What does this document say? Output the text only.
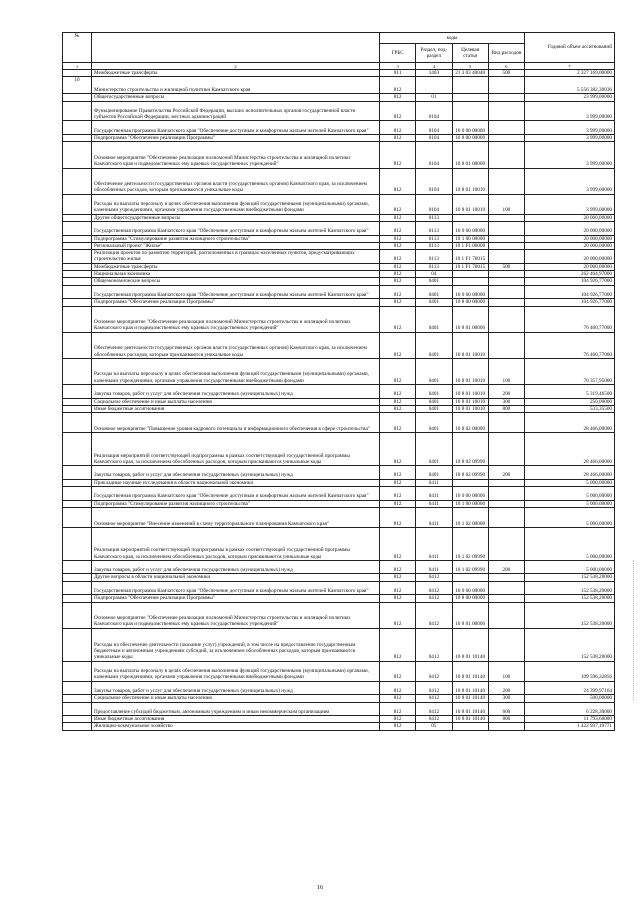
№		коды				Годовой объем ассигнований
		ГРБС	Раздел, под-раздел	Целевая статья	Вид расходов	
1	2	3	4	5	6	7
	Межбюджетные трансферты	811	1403	21 3 03 40040	500	2 327 169,00000
10	Министерство строительства и жилищной политики Камчатского края	812				5 556 382,30036
	Общегосударственные вопросы	812	01			23 999,00000
	Функционирование Правительства Российской Федерации, высших исполнительных органов государственной власти субъектов Российской Федерации, местных администраций	812	0104			3 999,00000
	Государственная программа Камчатского края "Обеспечение доступным и комфортным жильем жителей Камчатского края"	812	0104	10 0 00 00000		3 999,00000
	Подпрограмма "Обеспечение реализации Программы"	812	0104	10 8 00 00000		3 999,00000
	Основное мероприятие "Обеспечение реализации полномочий Министерства строительства и жилищной политики Камчатского края и подведомственных ему краевых государственных учреждений"	812	0104	10 8 01 00000		3 999,00000
	Обеспечение деятельности государственных органов власти (государственных органов) Камчатского края, за исключением обособленных расходов, которым присваиваются уникальные коды	812	0104	10 8 01 10010		3 999,00000
	Расходы на выплаты персоналу в целях обеспечения выполнения функций государственными (муниципальными) органами, казенными учреждениями, органами управления государственными внебюджетными фондами	812	0104	10 8 01 10010	100	3 999,00000
	Другие общегосударственные вопросы	812	0113			20 000,00000
	Государственная программа Камчатского края "Обеспечение доступным и комфортным жильем жителей Камчатского края"	812	0113	10 0 00 00000		20 000,00000
	Подпрограмма "Стимулирование развития жилищного строительства"	812	0113	10 1 00 00000		20 000,00000
	Региональный проект "Жилье"	812	0113	10 1 F1 00000		20 000,00000
	Реализация проектов по развитию территорий, расположенных в границах населенных пунктов, предусматривающих строительство жилья	812	0113	10 1 F1 70015		20 000,00000
	Межбюджетные трансферты	812	0113	10 1 F1 70015	500	20 000,00000
	Национальная экономика	812	04			262 464,97000
	Общеэкономические вопросы	812	0401			104 926,77000
	Государственная программа Камчатского края "Обеспечение доступным и комфортным жильем жителей Камчатского края"	812	0401	10 0 00 00000		104 926,77000
	Подпрограмма "Обеспечение реализации Программы"	812	0401	10 8 00 00000		104 926,77000
	Основное мероприятие "Обеспечение реализации полномочий Министерства строительства и жилищной политики Камчатского края и подведомственных ему краевых государственных учреждений"	812	0401	10 8 01 00000		76 460,77000
	Обеспечение деятельности государственных органов власти (государственных органов) Камчатского края, за исключением обособленных расходов, которым присваиваются уникальные коды	812	0401	10 8 01 10010		76 460,77000
	Расходы на выплаты персоналу в целях обеспечения выполнения функций государственными (муниципальными) органами, казенными учреждениями, органами управления государственными внебюджетными фондами	812	0401	10 8 01 10010	100	70 357,95000
	Закупка товаров, работ и услуг для обеспечения государственных (муниципальных) нужд	812	0401	10 8 01 10010	200	5 319,46500
	Социальное обеспечение и иные выплаты населению	812	0401	10 8 01 10010	300	250,00000
	Иные бюджетные ассигнования	812	0401	10 8 01 10010	800	533,35500
	Основное мероприятие "Повышение уровня кадрового потенциала и информационного обеспечения в сфере строительства"	812	0401	10 8 02 00000		28 466,00000
	Реализация мероприятий соответствующей подпрограммы в рамках соответствующей государственной программы Камчатского края, за исключением обособленных расходов, которым присваиваются уникальные коды	812	0401	10 8 02 09990		28 466,00000
	Закупка товаров, работ и услуг для обеспечения государственных (муниципальных) нужд	812	0401	10 8 02 09990	200	28 466,00000
	Прикладные научные исследования в области национальной экономики	812	0411			5 000,00000
	Государственная программа Камчатского края "Обеспечение доступным и комфортным жильем жителей Камчатского края"	812	0411	10 0 00 00000		5 000,00000
	Подпрограмма "Стимулирование развития жилищного строительства"	812	0411	10 1 00 00000		5 000,00000
	Основное мероприятие "Внесение изменений в схему территориального планирования Камчатского края"	812	0411	10 1 02 00000		5 000,00000
	Реализация мероприятий соответствующей подпрограммы в рамках соответствующей государственной программы Камчатского края, за исключением обособленных расходов, которым присваиваются уникальные коды	812	0411	10 1 02 09990		5 000,00000
	Закупка товаров, работ и услуг для обеспечения государственных (муниципальных) нужд	812	0411	10 1 02 09990	200	5 000,00000
	Другие вопросы в области национальной экономики	812	0412			152 538,20000
	Государственная программа Камчатского края "Обеспечение доступным и комфортным жильем жителей Камчатского края"	812	0412	10 0 00 00000		152 538,20000
	Подпрограмма "Обеспечение реализации Программы"	812	0412	10 8 00 00000		152 538,20000
	Основное мероприятие "Обеспечение реализации полномочий Министерства строительства и жилищной политики Камчатского края и подведомственных ему краевых государственных учреждений"	812	0412	10 8 01 00000		152 538,20000
	Расходы на обеспечение деятельности (оказание услуг) учреждений, в том числе на предоставление государственным бюджетным и автономным учреждениям субсидий, за исключением обособленных расходов, которым присваиваются уникальные коды	812	0412	10 8 01 10140		152 538,20000
	Расходы на выплаты персоналу в целях обеспечения выполнения функций государственными (муниципальными) органами, казенными учреждениями, органами управления государственными внебюджетными фондами	812	0412	10 8 01 10140	100	109 596,32856
	Закупка товаров, работ и услуг для обеспечения государственных (муниципальных) нужд	812	0412	10 8 01 10140	200	24 399,97164
	Социальное обеспечение и иные выплаты населению	812	0412	10 8 01 10140	300	500,00000
	Предоставление субсидий бюджетным, автономным учреждениям и иным некоммерческим организациям	812	0412	10 8 01 10140	600	6 228,30000
	Иные бюджетные ассигнования	812	0412	10 8 01 10140	800	11 793,60000
	Жилищно-коммунальное хозяйство	812	05			1 422 937,19771
16
